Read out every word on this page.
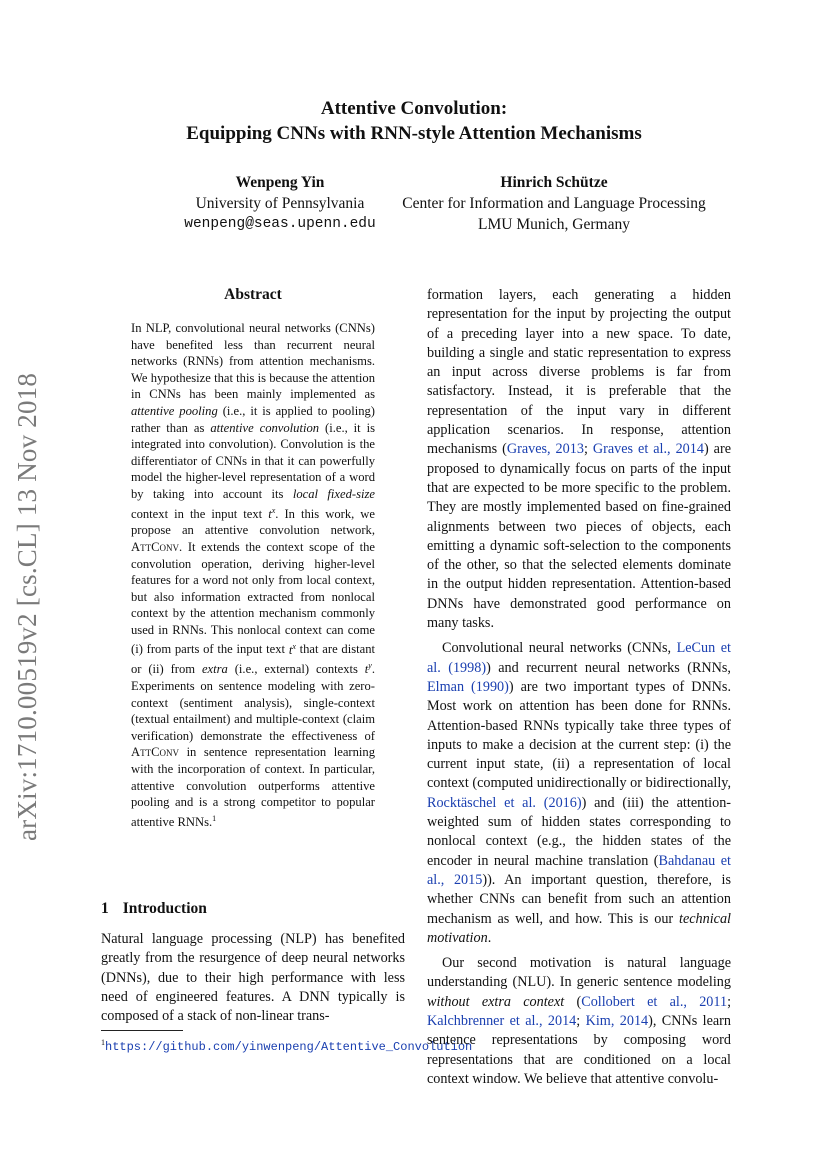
arXiv:1710.00519v2 [cs.CL] 13 Nov 2018
Attentive Convolution:
Equipping CNNs with RNN-style Attention Mechanisms
Wenpeng Yin
University of Pennsylvania
wenpeng@seas.upenn.edu
Hinrich Schütze
Center for Information and Language Processing
LMU Munich, Germany
Abstract
In NLP, convolutional neural networks (CNNs) have benefited less than recurrent neural networks (RNNs) from attention mechanisms. We hypothesize that this is because the attention in CNNs has been mainly implemented as attentive pooling (i.e., it is applied to pooling) rather than as attentive convolution (i.e., it is integrated into convolution). Convolution is the differentiator of CNNs in that it can powerfully model the higher-level representation of a word by taking into account its local fixed-size context in the input text $t^x$. In this work, we propose an attentive convolution network, AttConv. It extends the context scope of the convolution operation, deriving higher-level features for a word not only from local context, but also information extracted from nonlocal context by the attention mechanism commonly used in RNNs. This nonlocal context can come (i) from parts of the input text $t^x$ that are distant or (ii) from extra (i.e., external) contexts $t^y$. Experiments on sentence modeling with zero-context (sentiment analysis), single-context (textual entailment) and multiple-context (claim verification) demonstrate the effectiveness of AttConv in sentence representation learning with the incorporation of context. In particular, attentive convolution outperforms attentive pooling and is a strong competitor to popular attentive RNNs.$^1$
1 Introduction
Natural language processing (NLP) has benefited greatly from the resurgence of deep neural networks (DNNs), due to their high performance with less need of engineered features. A DNN typically is composed of a stack of non-linear trans-
$^1$https://github.com/yinwenpeng/Attentive_Convolution

formation layers, each generating a hidden representation for the input by projecting the output of a preceding layer into a new space. To date, building a single and static representation to express an input across diverse problems is far from satisfactory. Instead, it is preferable that the representation of the input vary in different application scenarios. In response, attention mechanisms (Graves, 2013; Graves et al., 2014) are proposed to dynamically focus on parts of the input that are expected to be more specific to the problem. They are mostly implemented based on fine-grained alignments between two pieces of objects, each emitting a dynamic soft-selection to the components of the other, so that the selected elements dominate in the output hidden representation. Attention-based DNNs have demonstrated good performance on many tasks.

Convolutional neural networks (CNNs, LeCun et al. (1998)) and recurrent neural networks (RNNs, Elman (1990)) are two important types of DNNs. Most work on attention has been done for RNNs. Attention-based RNNs typically take three types of inputs to make a decision at the current step: (i) the current input state, (ii) a representation of local context (computed unidirectionally or bidirectionally, Rocktäschel et al. (2016)) and (iii) the attention-weighted sum of hidden states corresponding to nonlocal context (e.g., the hidden states of the encoder in neural machine translation (Bahdanau et al., 2015)). An important question, therefore, is whether CNNs can benefit from such an attention mechanism as well, and how. This is our technical motivation.

Our second motivation is natural language understanding (NLU). In generic sentence modeling without extra context (Collobert et al., 2011; Kalchbrenner et al., 2014; Kim, 2014), CNNs learn sentence representations by composing word representations that are conditioned on a local context window. We believe that attentive convolu-
